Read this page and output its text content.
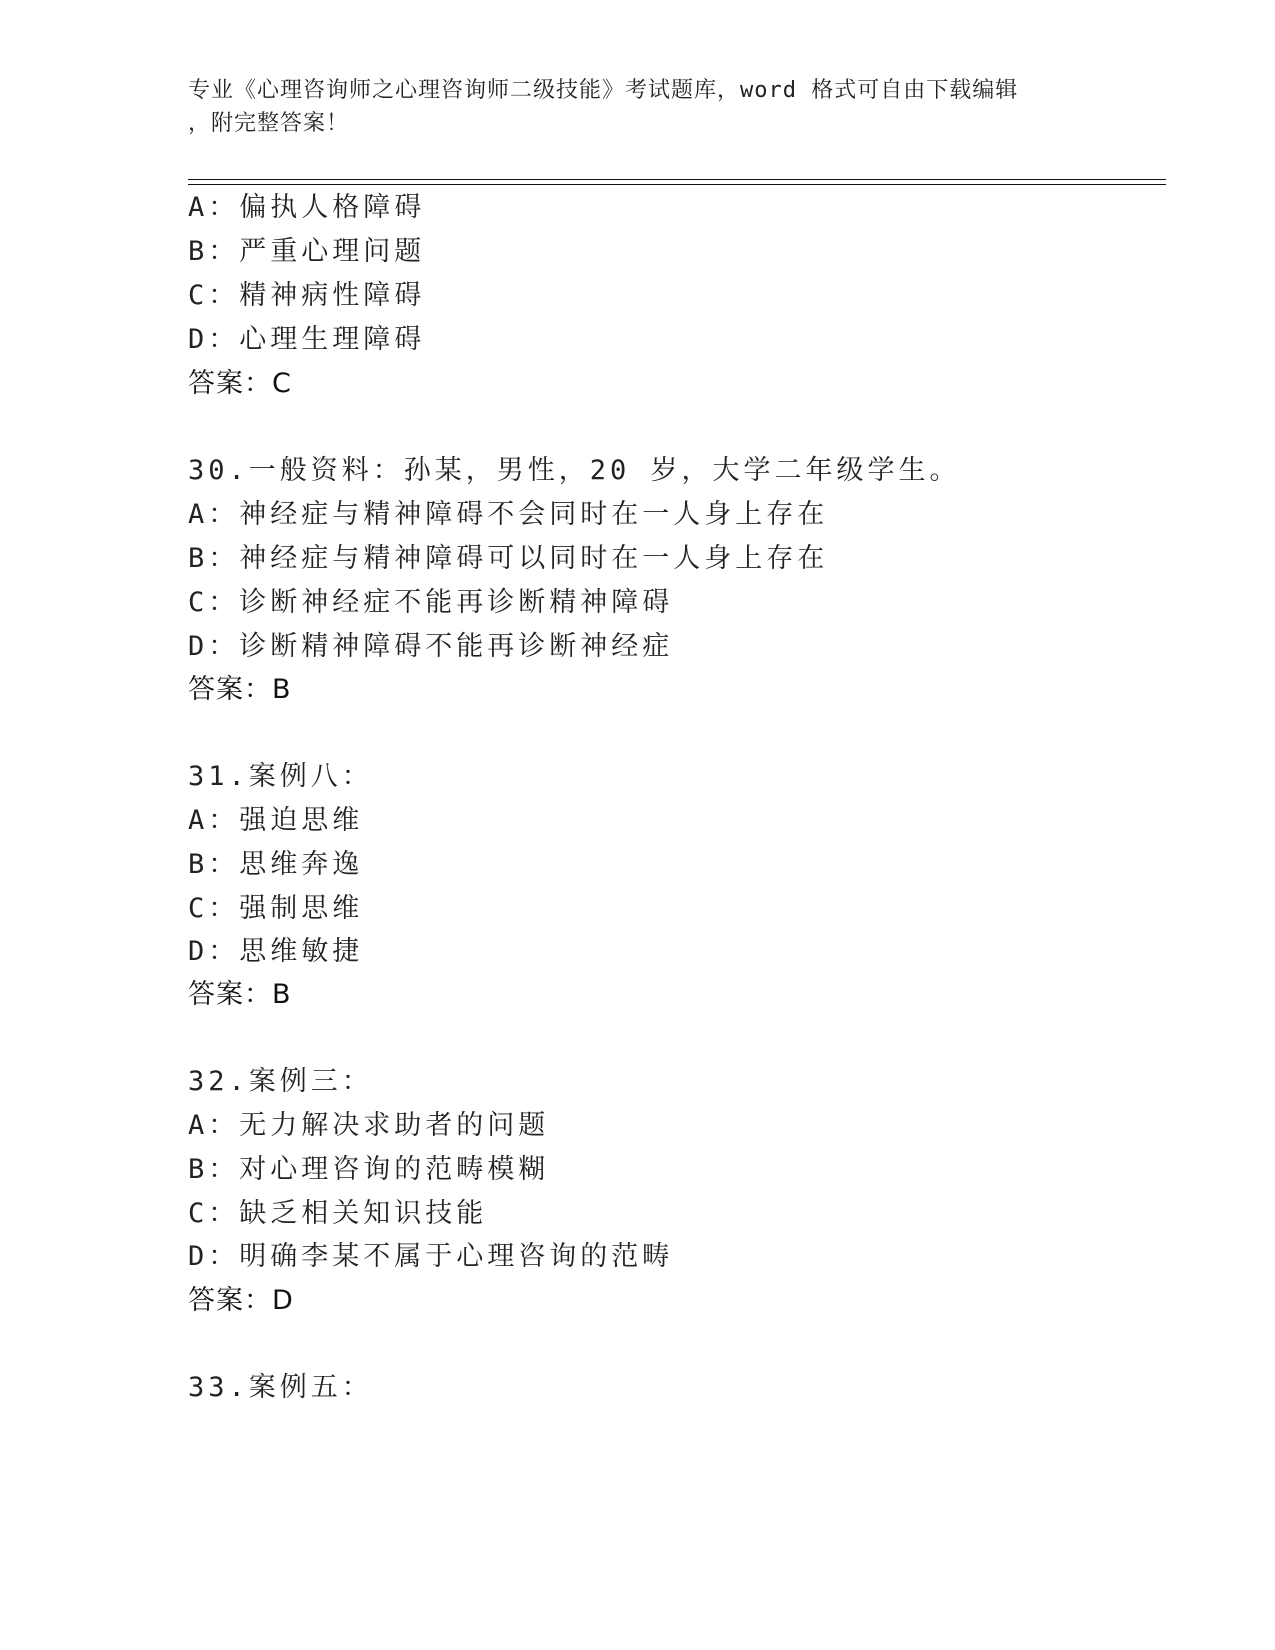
专业《心理咨询师之心理咨询师二级技能》考试题库，word 格式可自由下载编辑
，附完整答案！
A：偏执人格障碍
B：严重心理问题
C：精神病性障碍
D：心理生理障碍
答案：C
30.一般资料：孙某，男性，20 岁，大学二年级学生。
A：神经症与精神障碍不会同时在一人身上存在
B：神经症与精神障碍可以同时在一人身上存在
C：诊断神经症不能再诊断精神障碍
D：诊断精神障碍不能再诊断神经症
答案：B
31.案例八：
A：强迫思维
B：思维奔逸
C：强制思维
D：思维敏捷
答案：B
32.案例三：
A：无力解决求助者的问题
B：对心理咨询的范畴模糊
C：缺乏相关知识技能
D：明确李某不属于心理咨询的范畴
答案：D
33.案例五：
